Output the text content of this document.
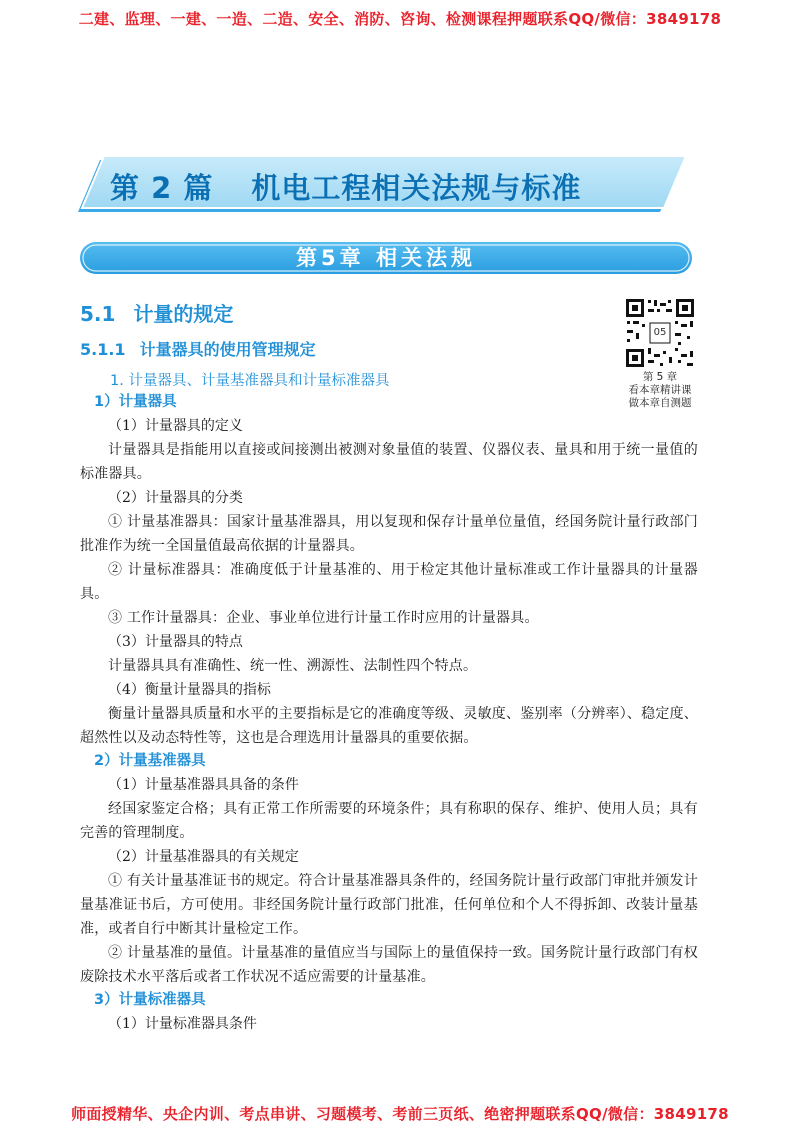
二建、监理、一建、一造、二造、安全、消防、咨询、检测课程押题联系QQ/微信：3849178
第 2 篇 机电工程相关法规与标准
第5章 相关法规
5.1 计量的规定
5.1.1 计量器具的使用管理规定
05
第 5 章
看本章精讲课
做本章自测题
1. 计量器具、计量基准器具和计量标准器具
1）计量器具
（1）计量器具的定义
计量器具是指能用以直接或间接测出被测对象量值的装置、仪器仪表、量具和用于统一量值的标准器具。
（2）计量器具的分类
① 计量基准器具：国家计量基准器具，用以复现和保存计量单位量值，经国务院计量行政部门批准作为统一全国量值最高依据的计量器具。
② 计量标准器具：准确度低于计量基准的、用于检定其他计量标准或工作计量器具的计量器具。
③ 工作计量器具：企业、事业单位进行计量工作时应用的计量器具。
（3）计量器具的特点
计量器具具有准确性、统一性、溯源性、法制性四个特点。
（4）衡量计量器具的指标
衡量计量器具质量和水平的主要指标是它的准确度等级、灵敏度、鉴别率（分辨率）、稳定度、超然性以及动态特性等，这也是合理选用计量器具的重要依据。
2）计量基准器具
（1）计量基准器具具备的条件
经国家鉴定合格；具有正常工作所需要的环境条件；具有称职的保存、维护、使用人员；具有完善的管理制度。
（2）计量基准器具的有关规定
① 有关计量基准证书的规定。符合计量基准器具条件的，经国务院计量行政部门审批并颁发计量基准证书后，方可使用。非经国务院计量行政部门批准，任何单位和个人不得拆卸、改装计量基准，或者自行中断其计量检定工作。
② 计量基准的量值。计量基准的量值应当与国际上的量值保持一致。国务院计量行政部门有权废除技术水平落后或者工作状况不适应需要的计量基准。
3）计量标准器具
（1）计量标准器具条件
师面授精华、央企内训、考点串讲、习题模考、考前三页纸、绝密押题联系QQ/微信：3849178
